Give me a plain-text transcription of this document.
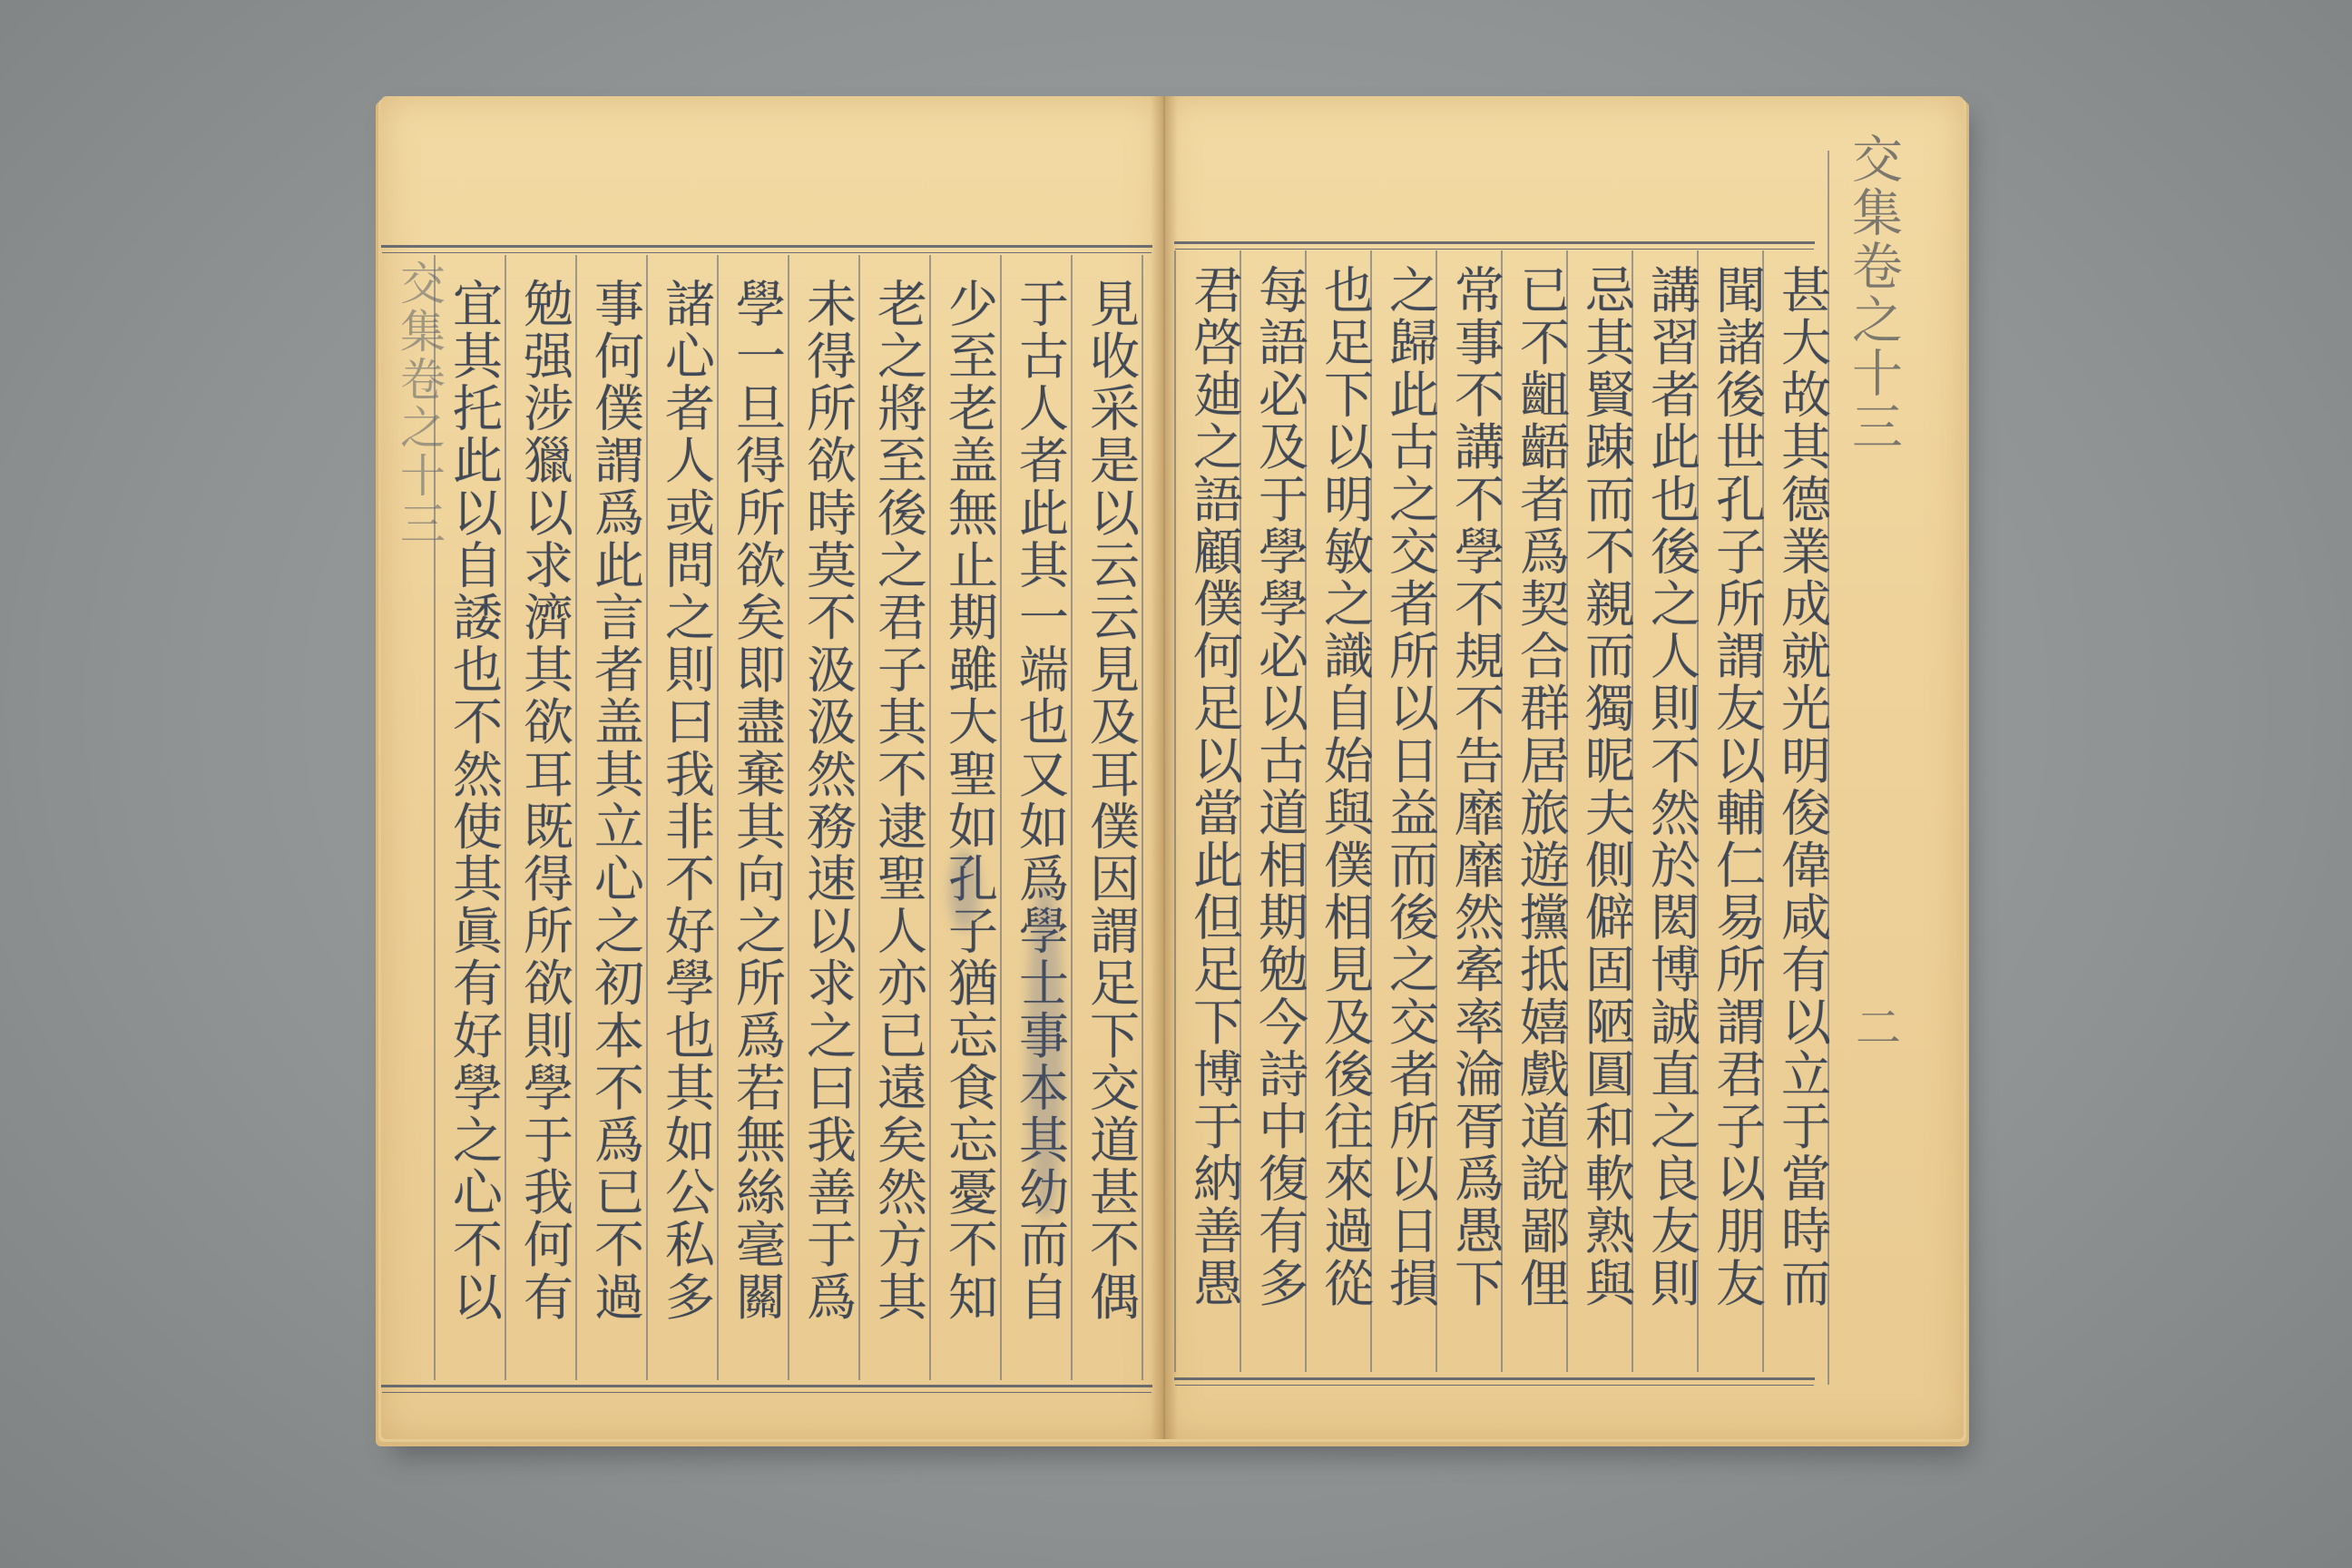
交集卷之十三	見收采是以云云見及耳僕因謂足下交道甚不偶
于古人者此其一端也又如爲學士事本其幼而自
少至老盖無止期雖大聖如孔子猶忘食忘憂不知
老之將至後之君子其不逮聖人亦已遠矣然方其
未得所欲時莫不汲汲然務速以求之曰我善于爲
學一旦得所欲矣即盡棄其向之所爲若無絲毫關
諸心者人或問之則曰我非不好學也其如公私多
事何僕謂爲此言者盖其立心之初本不爲已不過
勉强涉獵以求濟其欲耳既得所欲則學于我何有
宜其托此以自諉也不然使其眞有好學之心不以	甚大故其德業成就光明俊偉咸有以立于當時而
聞諸後世孔子所謂友以輔仁易所謂君子以朋友
講習者此也後之人則不然於閎博誠直之良友則
忌其賢踈而不親而獨昵夫側僻固陋圓和軟熟與
已不齟齬者爲契合群居旅遊攩抵嬉戲道說鄙俚
常事不講不學不規不告靡靡然牽率淪胥爲愚下
之歸此古之交者所以日益而後之交者所以日損
也足下以明敏之識自始與僕相見及後往來過從
每語必及于學學必以古道相期勉今詩中復有多
君啓廸之語顧僕何足以當此但足下博于納善愚	交集卷之十三
二
